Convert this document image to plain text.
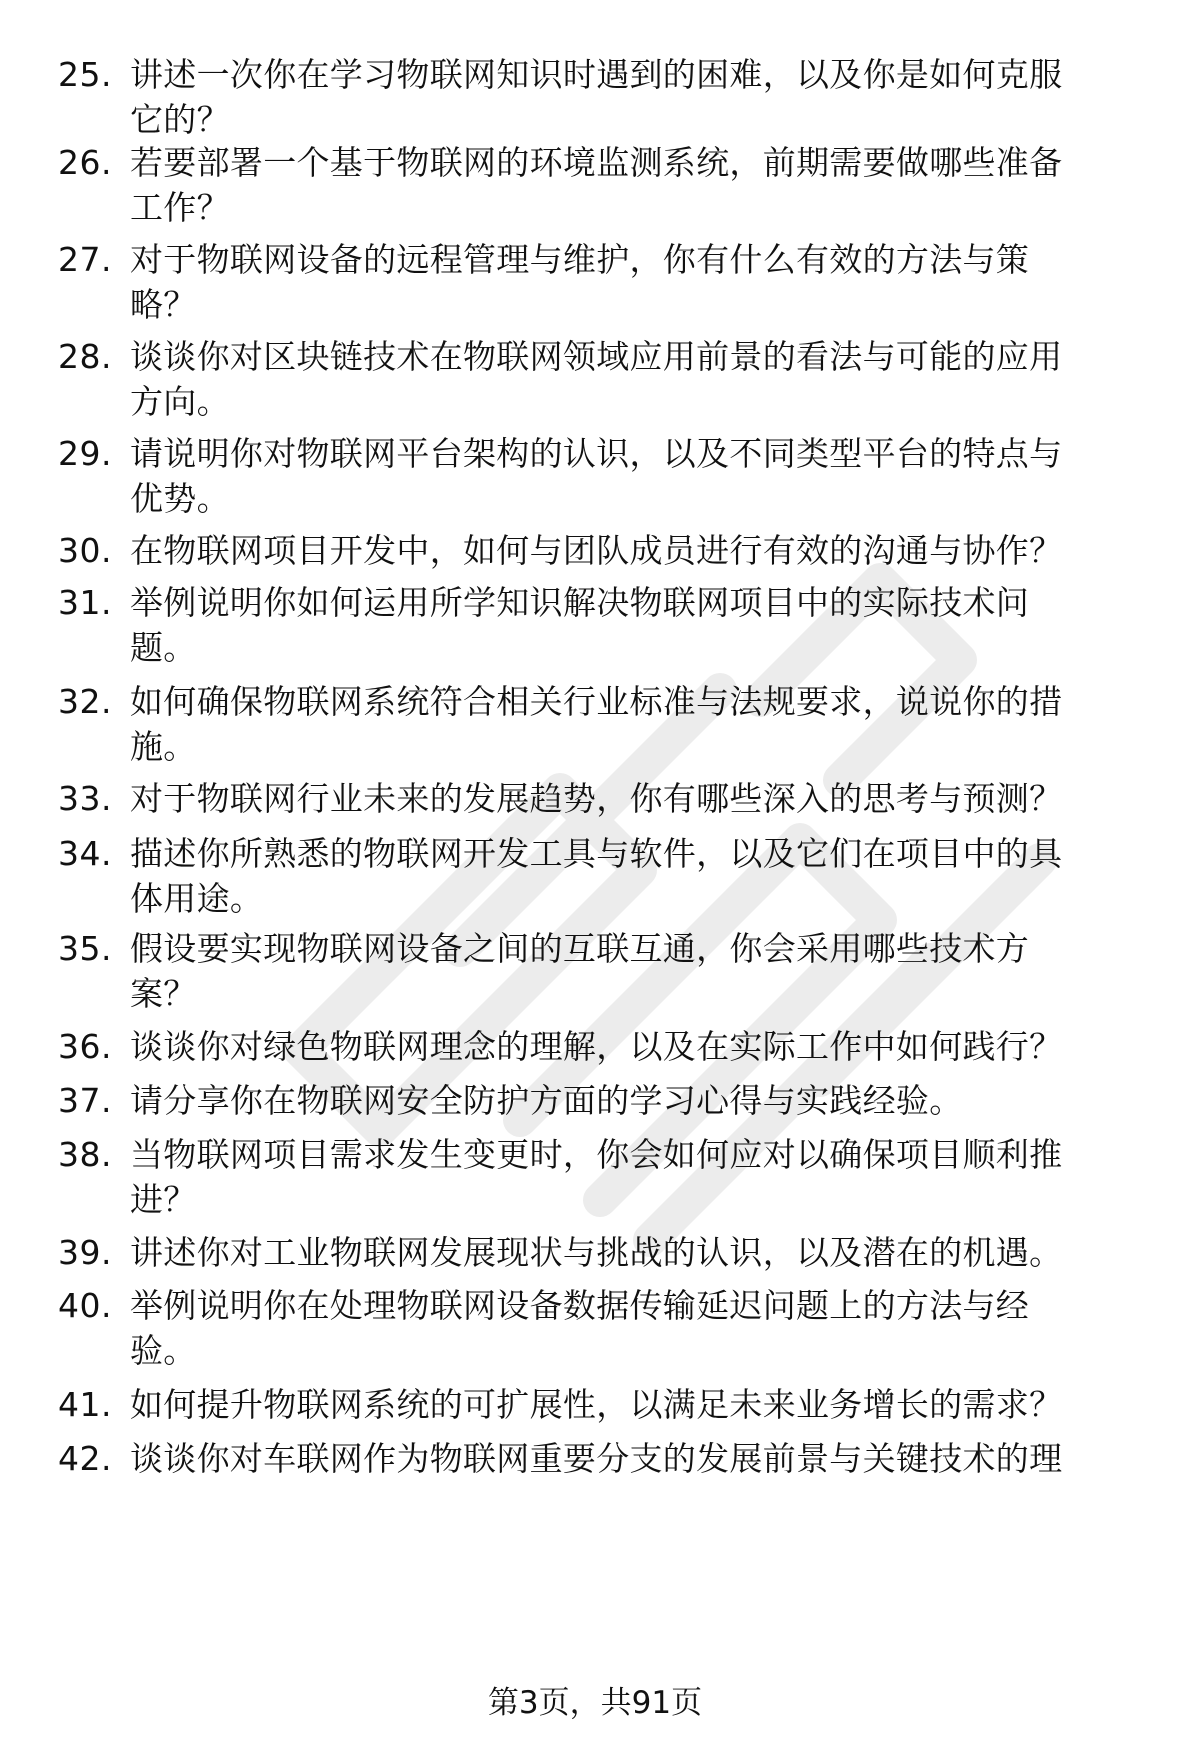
25. 讲述一次你在学习物联网知识时遇到的困难，以及你是如何克服
它的？
26. 若要部署一个基于物联网的环境监测系统，前期需要做哪些准备
工作？
27. 对于物联网设备的远程管理与维护，你有什么有效的方法与策
略？
28. 谈谈你对区块链技术在物联网领域应用前景的看法与可能的应用
方向。
29. 请说明你对物联网平台架构的认识，以及不同类型平台的特点与
优势。
30. 在物联网项目开发中，如何与团队成员进行有效的沟通与协作？
31. 举例说明你如何运用所学知识解决物联网项目中的实际技术问
题。
32. 如何确保物联网系统符合相关行业标准与法规要求，说说你的措
施。
33. 对于物联网行业未来的发展趋势，你有哪些深入的思考与预测？
34. 描述你所熟悉的物联网开发工具与软件，以及它们在项目中的具
体用途。
35. 假设要实现物联网设备之间的互联互通，你会采用哪些技术方
案？
36. 谈谈你对绿色物联网理念的理解，以及在实际工作中如何践行？
37. 请分享你在物联网安全防护方面的学习心得与实践经验。
38. 当物联网项目需求发生变更时，你会如何应对以确保项目顺利推
进？
39. 讲述你对工业物联网发展现状与挑战的认识，以及潜在的机遇。
40. 举例说明你在处理物联网设备数据传输延迟问题上的方法与经
验。
41. 如何提升物联网系统的可扩展性，以满足未来业务增长的需求？
42. 谈谈你对车联网作为物联网重要分支的发展前景与关键技术的理
第3页，共91页
